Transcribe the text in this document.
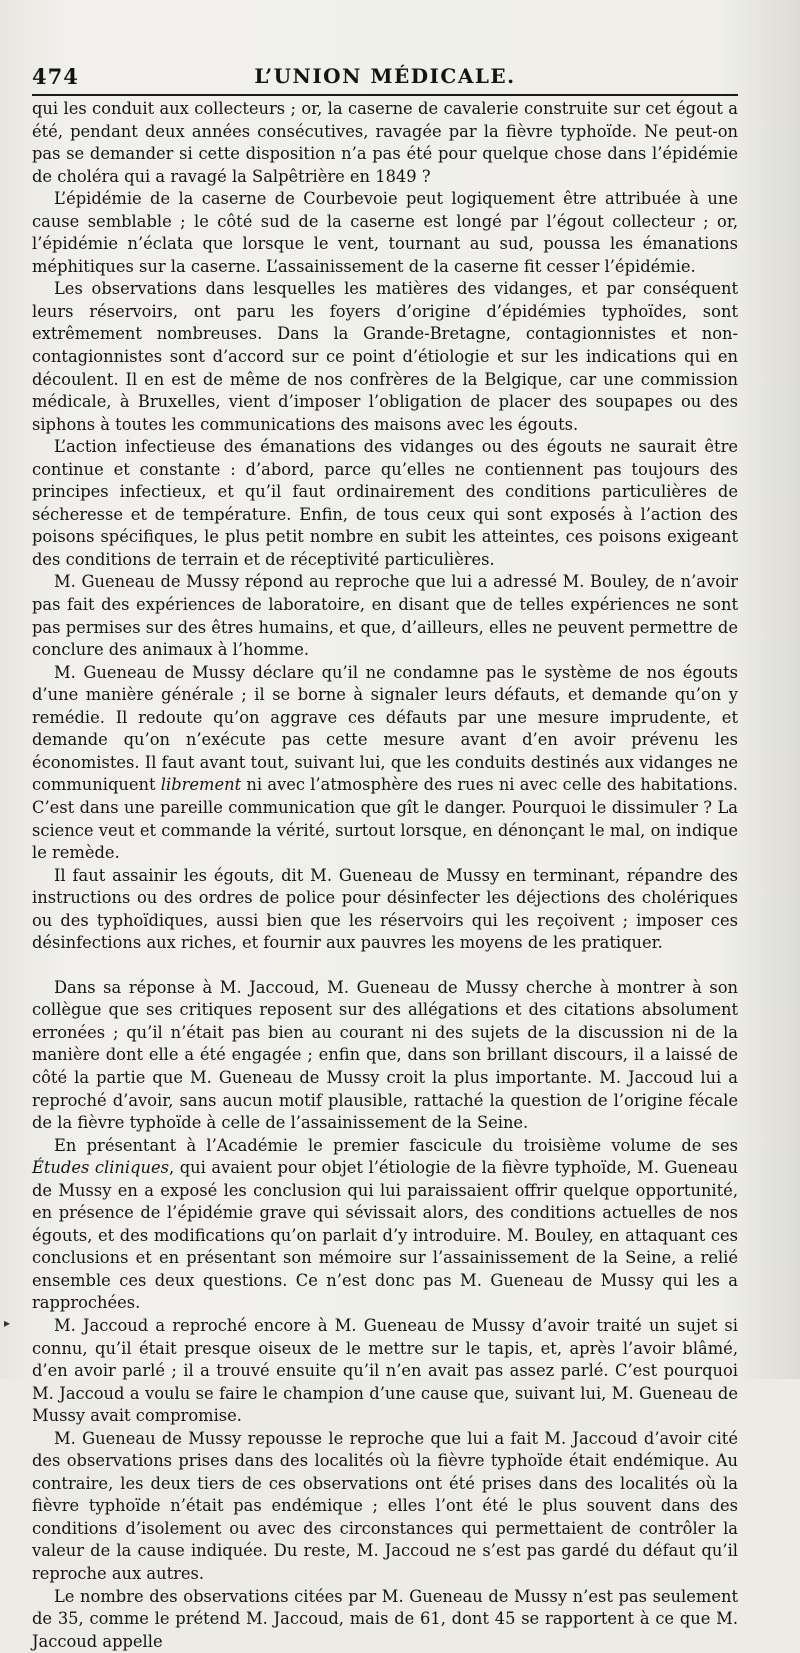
474	L’UNION MÉDICALE.

qui les conduit aux collecteurs ; or, la caserne de cavalerie construite sur cet égout a été, pendant deux années consécutives, ravagée par la fièvre typhoïde. Ne peut-on pas se demander si cette disposition n’a pas été pour quelque chose dans l’épidémie de choléra qui a ravagé la Salpêtrière en 1849 ?

L’épidémie de la caserne de Courbevoie peut logiquement être attribuée à une cause semblable ; le côté sud de la caserne est longé par l’égout collecteur ; or, l’épidémie n’éclata que lorsque le vent, tournant au sud, poussa les émanations méphitiques sur la caserne. L’assainissement de la caserne fit cesser l’épidémie.

Les observations dans lesquelles les matières des vidanges, et par conséquent leurs réservoirs, ont paru les foyers d’origine d’épidémies typhoïdes, sont extrêmement nombreuses. Dans la Grande-Bretagne, contagionnistes et non-contagionnistes sont d’accord sur ce point d’étiologie et sur les indications qui en découlent. Il en est de même de nos confrères de la Belgique, car une commission médicale, à Bruxelles, vient d’imposer l’obligation de placer des soupapes ou des siphons à toutes les communications des maisons avec les égouts.

L’action infectieuse des émanations des vidanges ou des égouts ne saurait être continue et constante : d’abord, parce qu’elles ne contiennent pas toujours des principes infectieux, et qu’il faut ordinairement des conditions particulières de sécheresse et de température. Enfin, de tous ceux qui sont exposés à l’action des poisons spécifiques, le plus petit nombre en subit les atteintes, ces poisons exigeant des conditions de terrain et de réceptivité particulières.

M. Gueneau de Mussy répond au reproche que lui a adressé M. Bouley, de n’avoir pas fait des expériences de laboratoire, en disant que de telles expériences ne sont pas permises sur des êtres humains, et que, d’ailleurs, elles ne peuvent permettre de conclure des animaux à l’homme.

M. Gueneau de Mussy déclare qu’il ne condamne pas le système de nos égouts d’une manière générale ; il se borne à signaler leurs défauts, et demande qu’on y remédie. Il redoute qu’on aggrave ces défauts par une mesure imprudente, et demande qu’on n’exécute pas cette mesure avant d’en avoir prévenu les économistes. Il faut avant tout, suivant lui, que les conduits destinés aux vidanges ne communiquent librement ni avec l’atmosphère des rues ni avec celle des habitations. C’est dans une pareille communication que gît le danger. Pourquoi le dissimuler ? La science veut et commande la vérité, surtout lorsque, en dénonçant le mal, on indique le remède.

Il faut assainir les égouts, dit M. Gueneau de Mussy en terminant, répandre des instructions ou des ordres de police pour désinfecter les déjections des cholériques ou des typhoïdiques, aussi bien que les réservoirs qui les reçoivent ; imposer ces désinfections aux riches, et fournir aux pauvres les moyens de les pratiquer.

Dans sa réponse à M. Jaccoud, M. Gueneau de Mussy cherche à montrer à son collègue que ses critiques reposent sur des allégations et des citations absolument erronées ; qu’il n’était pas bien au courant ni des sujets de la discussion ni de la manière dont elle a été engagée ; enfin que, dans son brillant discours, il a laissé de côté la partie que M. Gueneau de Mussy croit la plus importante. M. Jaccoud lui a reproché d’avoir, sans aucun motif plausible, rattaché la question de l’origine fécale de la fièvre typhoïde à celle de l’assainissement de la Seine.

En présentant à l’Académie le premier fascicule du troisième volume de ses Études cliniques, qui avaient pour objet l’étiologie de la fièvre typhoïde, M. Gueneau de Mussy en a exposé les conclusion qui lui paraissaient offrir quelque opportunité, en présence de l’épidémie grave qui sévissait alors, des conditions actuelles de nos égouts, et des modifications qu’on parlait d’y introduire. M. Bouley, en attaquant ces conclusions et en présentant son mémoire sur l’assainissement de la Seine, a relié ensemble ces deux questions. Ce n’est donc pas M. Gueneau de Mussy qui les a rapprochées.

M. Jaccoud a reproché encore à M. Gueneau de Mussy d’avoir traité un sujet si connu, qu’il était presque oiseux de le mettre sur le tapis, et, après l’avoir blâmé, d’en avoir parlé ; il a trouvé ensuite qu’il n’en avait pas assez parlé. C’est pourquoi M. Jaccoud a voulu se faire le champion d’une cause que, suivant lui, M. Gueneau de Mussy avait compromise.

M. Gueneau de Mussy repousse le reproche que lui a fait M. Jaccoud d’avoir cité des observations prises dans des localités où la fièvre typhoïde était endémique. Au contraire, les deux tiers de ces observations ont été prises dans des localités où la fièvre typhoïde n’était pas endémique ; elles l’ont été le plus souvent dans des conditions d’isolement ou avec des circonstances qui permettaient de contrôler la valeur de la cause indiquée. Du reste, M. Jaccoud ne s’est pas gardé du défaut qu’il reproche aux autres.

Le nombre des observations citées par M. Gueneau de Mussy n’est pas seulement de 35, comme le prétend M. Jaccoud, mais de 61, dont 45 se rapportent à ce que M. Jaccoud appelle

▸
